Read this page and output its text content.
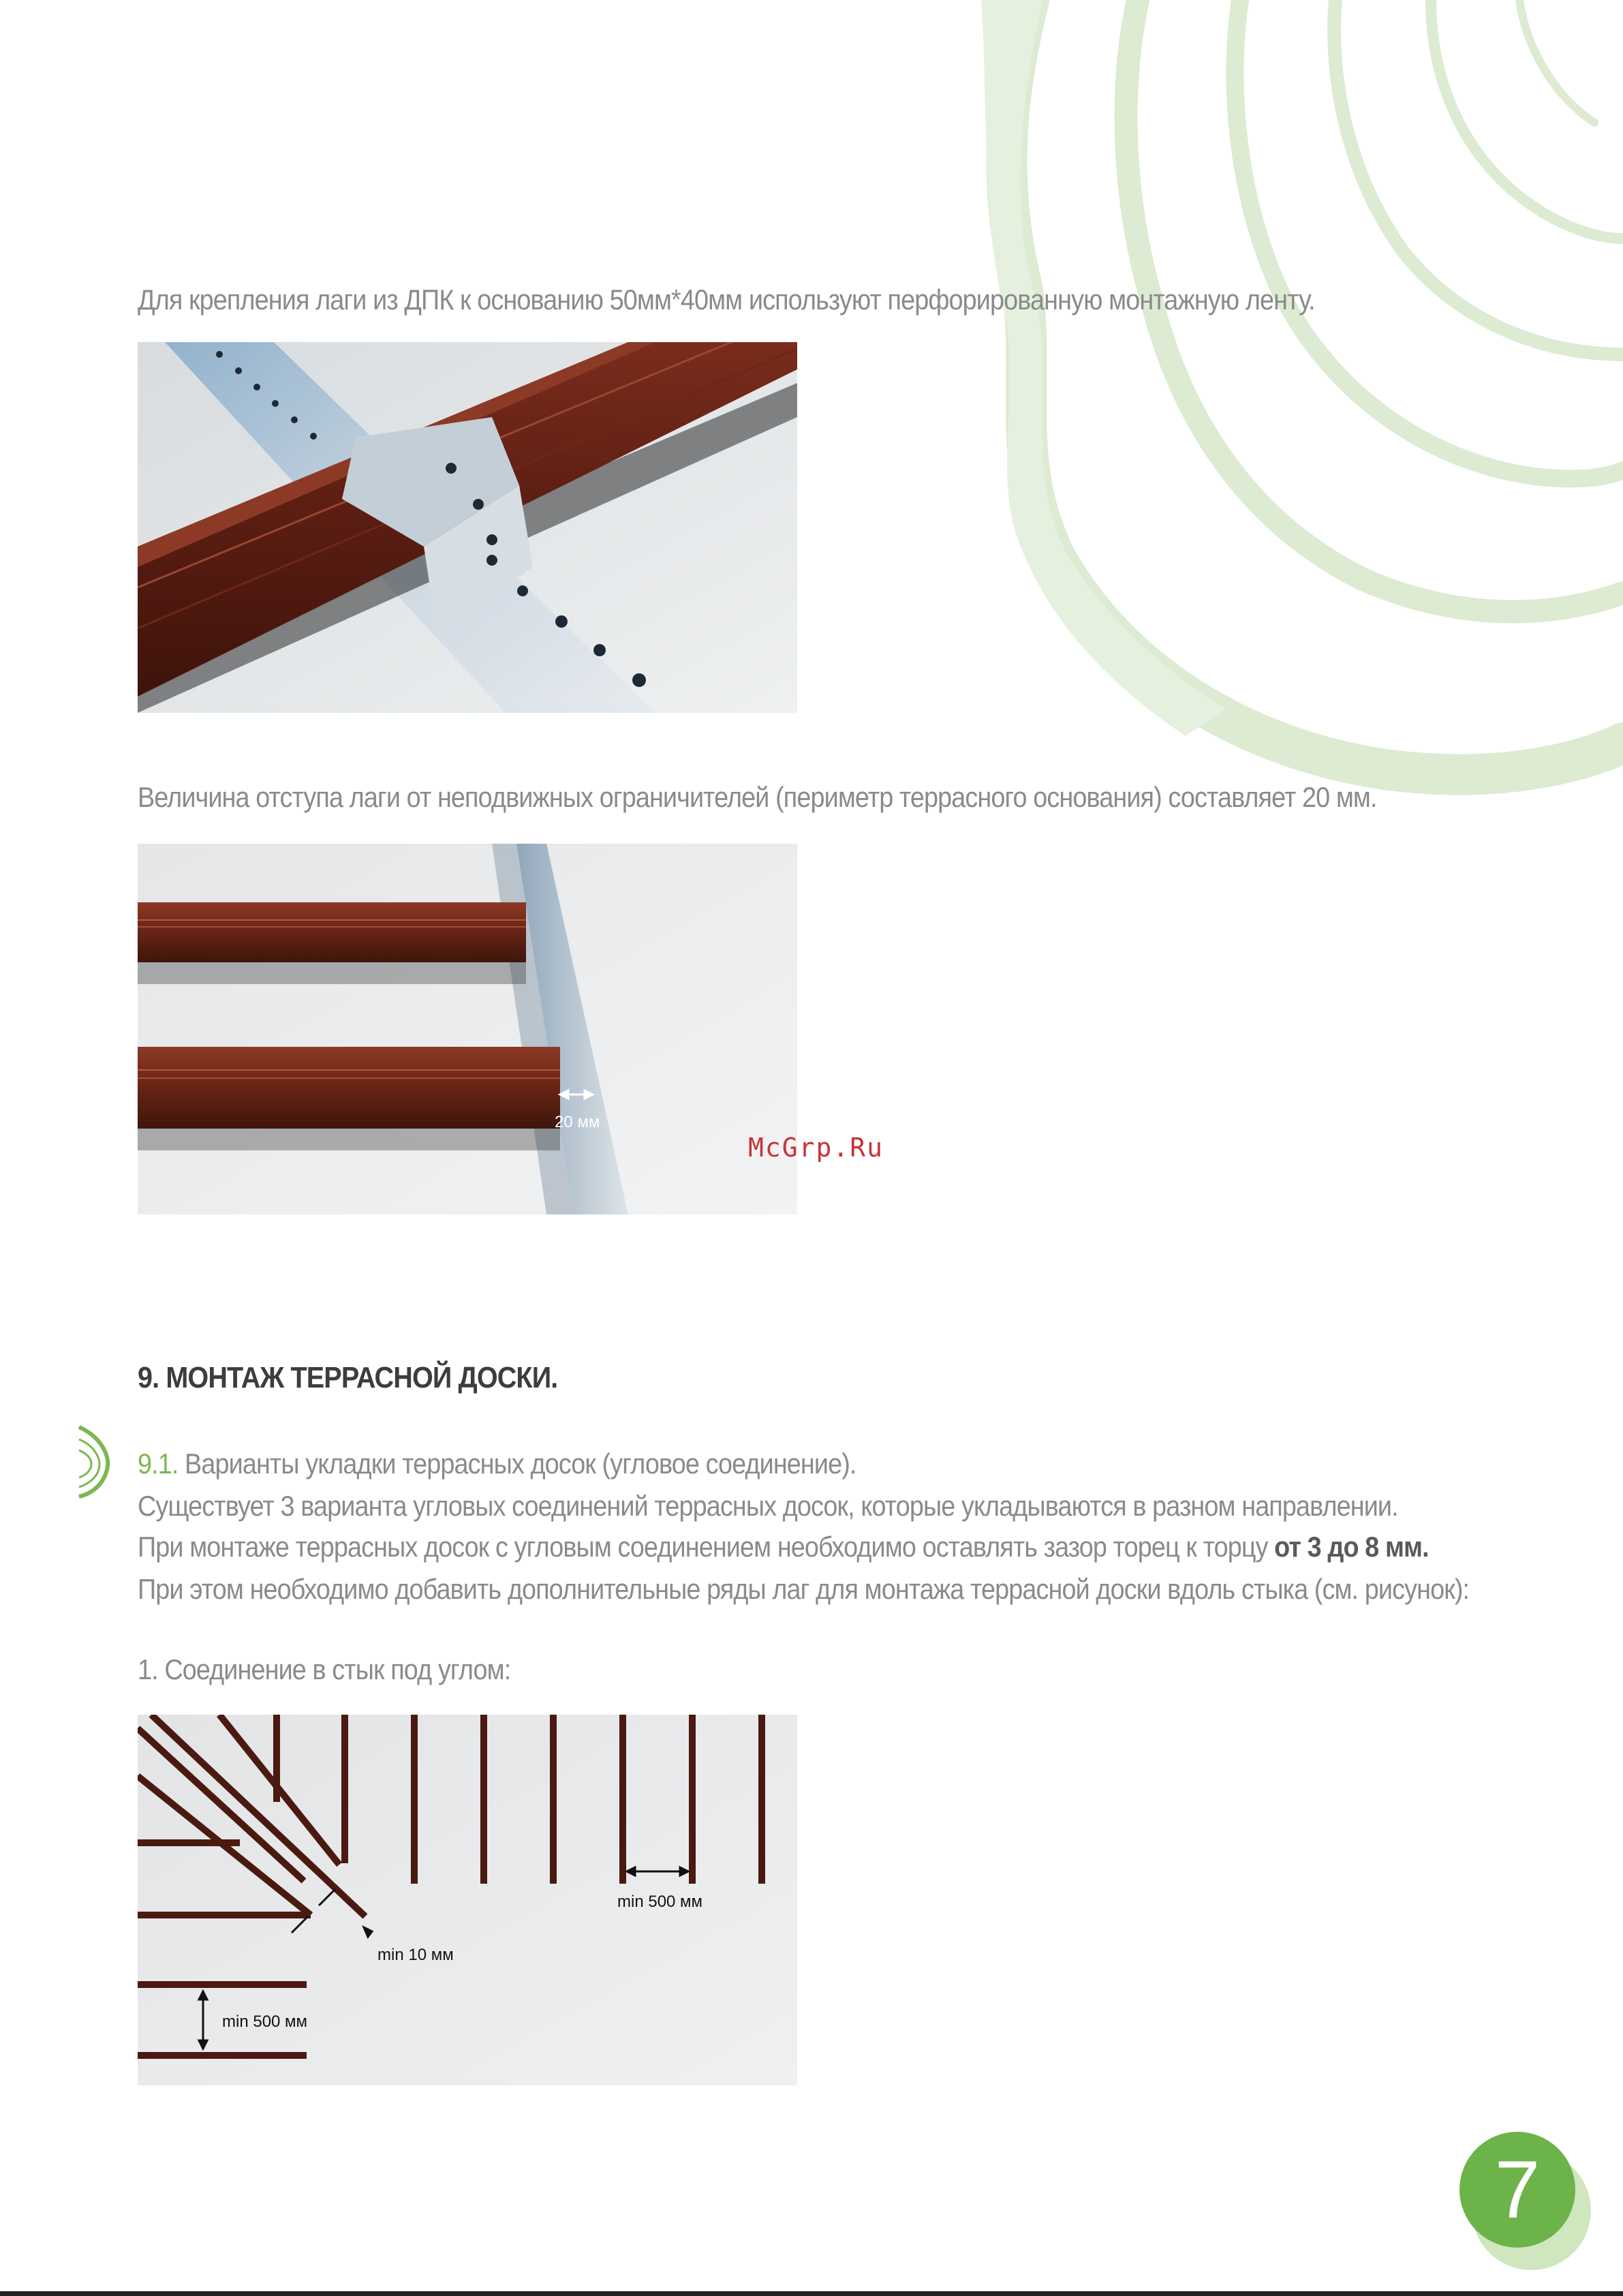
Для крепления лаги из ДПК к основанию 50мм*40мм используют перфорированную монтажную ленту.
Величина отступа лаги от неподвижных ограничителей (периметр террасного основания) составляет 20 мм.
20 мм
McGrp.Ru
9. МОНТАЖ ТЕРРАСНОЙ ДОСКИ.
9.1. Варианты укладки террасных досок (угловое соединение).
Существует 3 варианта угловых соединений террасных досок, которые укладываются в разном направлении.
При монтаже террасных досок с угловым соединением необходимо оставлять зазор торец к торцу от 3 до 8 мм.
При этом необходимо добавить дополнительные ряды лаг для монтажа террасной доски вдоль стыка (см. рисунок):
1. Соединение в стык под углом:
min 500 мм
min 10 мм
min 500 мм
7
